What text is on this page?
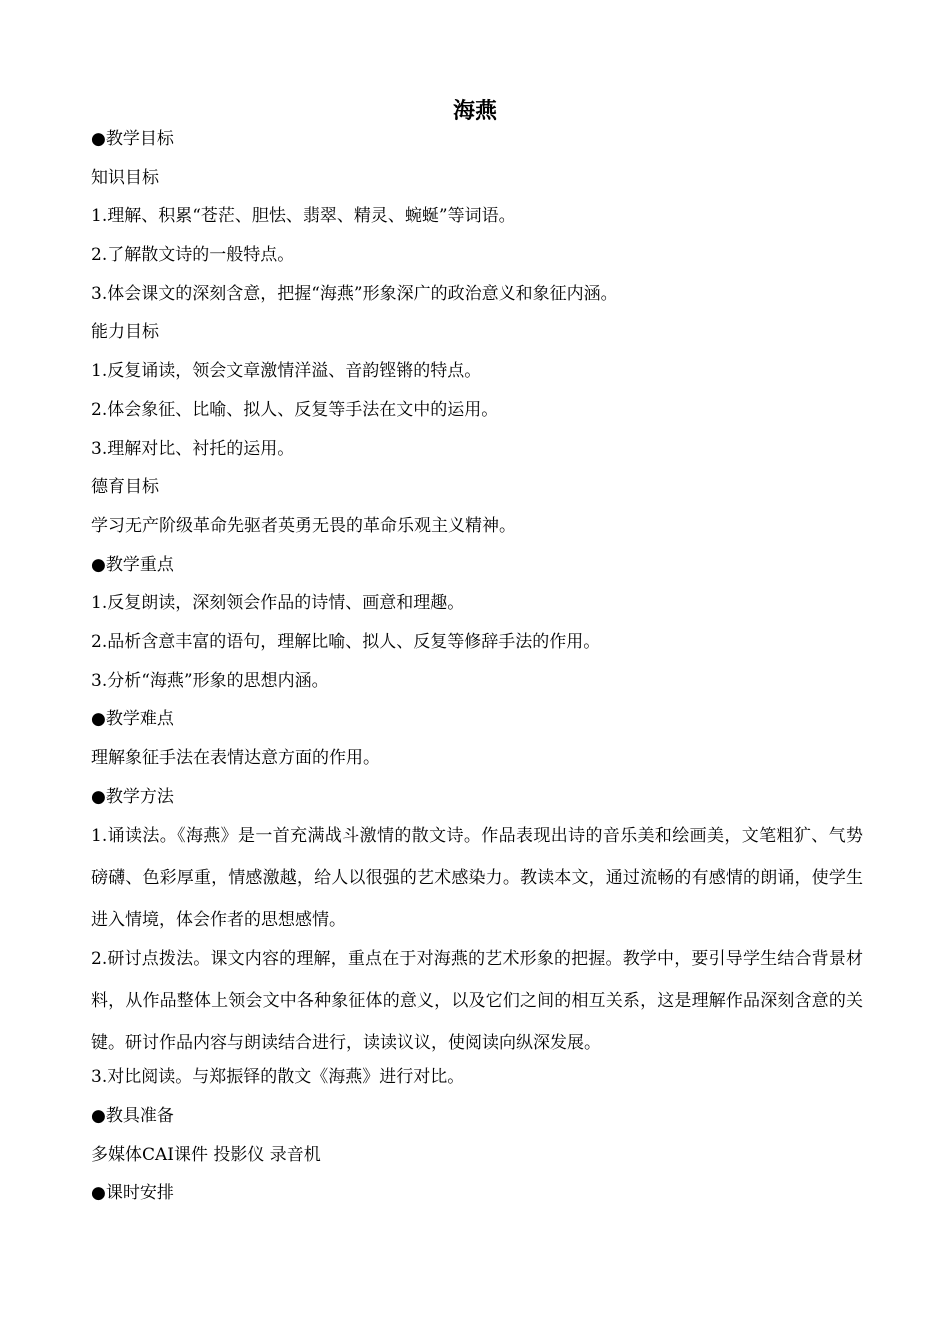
海燕

● 教学目标

知识目标

1.理解、积累“苍茫、胆怯、翡翠、精灵、蜿蜒”等词语。

2.了解散文诗的一般特点。

3.体会课文的深刻含意，把握“海燕”形象深广的政治意义和象征内涵。

能力目标

1.反复诵读，领会文章激情洋溢、音韵铿锵的特点。

2.体会象征、比喻、拟人、反复等手法在文中的运用。

3.理解对比、衬托的运用。

德育目标

学习无产阶级革命先驱者英勇无畏的革命乐观主义精神。

● 教学重点

1.反复朗读，深刻领会作品的诗情、画意和理趣。

2.品析含意丰富的语句，理解比喻、拟人、反复等修辞手法的作用。

3.分析“海燕”形象的思想内涵。

● 教学难点

理解象征手法在表情达意方面的作用。

● 教学方法

1.诵读法。《海燕》是一首充满战斗激情的散文诗。作品表现出诗的音乐美和绘画美，文笔粗犷、气势磅礴、色彩厚重，情感激越，给人以很强的艺术感染力。教读本文，通过流畅的有感情的朗诵，使学生进入情境，体会作者的思想感情。

2.研讨点拨法。课文内容的理解，重点在于对海燕的艺术形象的把握。教学中，要引导学生结合背景材料，从作品整体上领会文中各种象征体的意义，以及它们之间的相互关系，这是理解作品深刻含意的关键。研讨作品内容与朗读结合进行，读读议议，使阅读向纵深发展。

3.对比阅读。与郑振铎的散文《海燕》进行对比。

● 教具准备

多媒体CAI课件 投影仪 录音机

● 课时安排
